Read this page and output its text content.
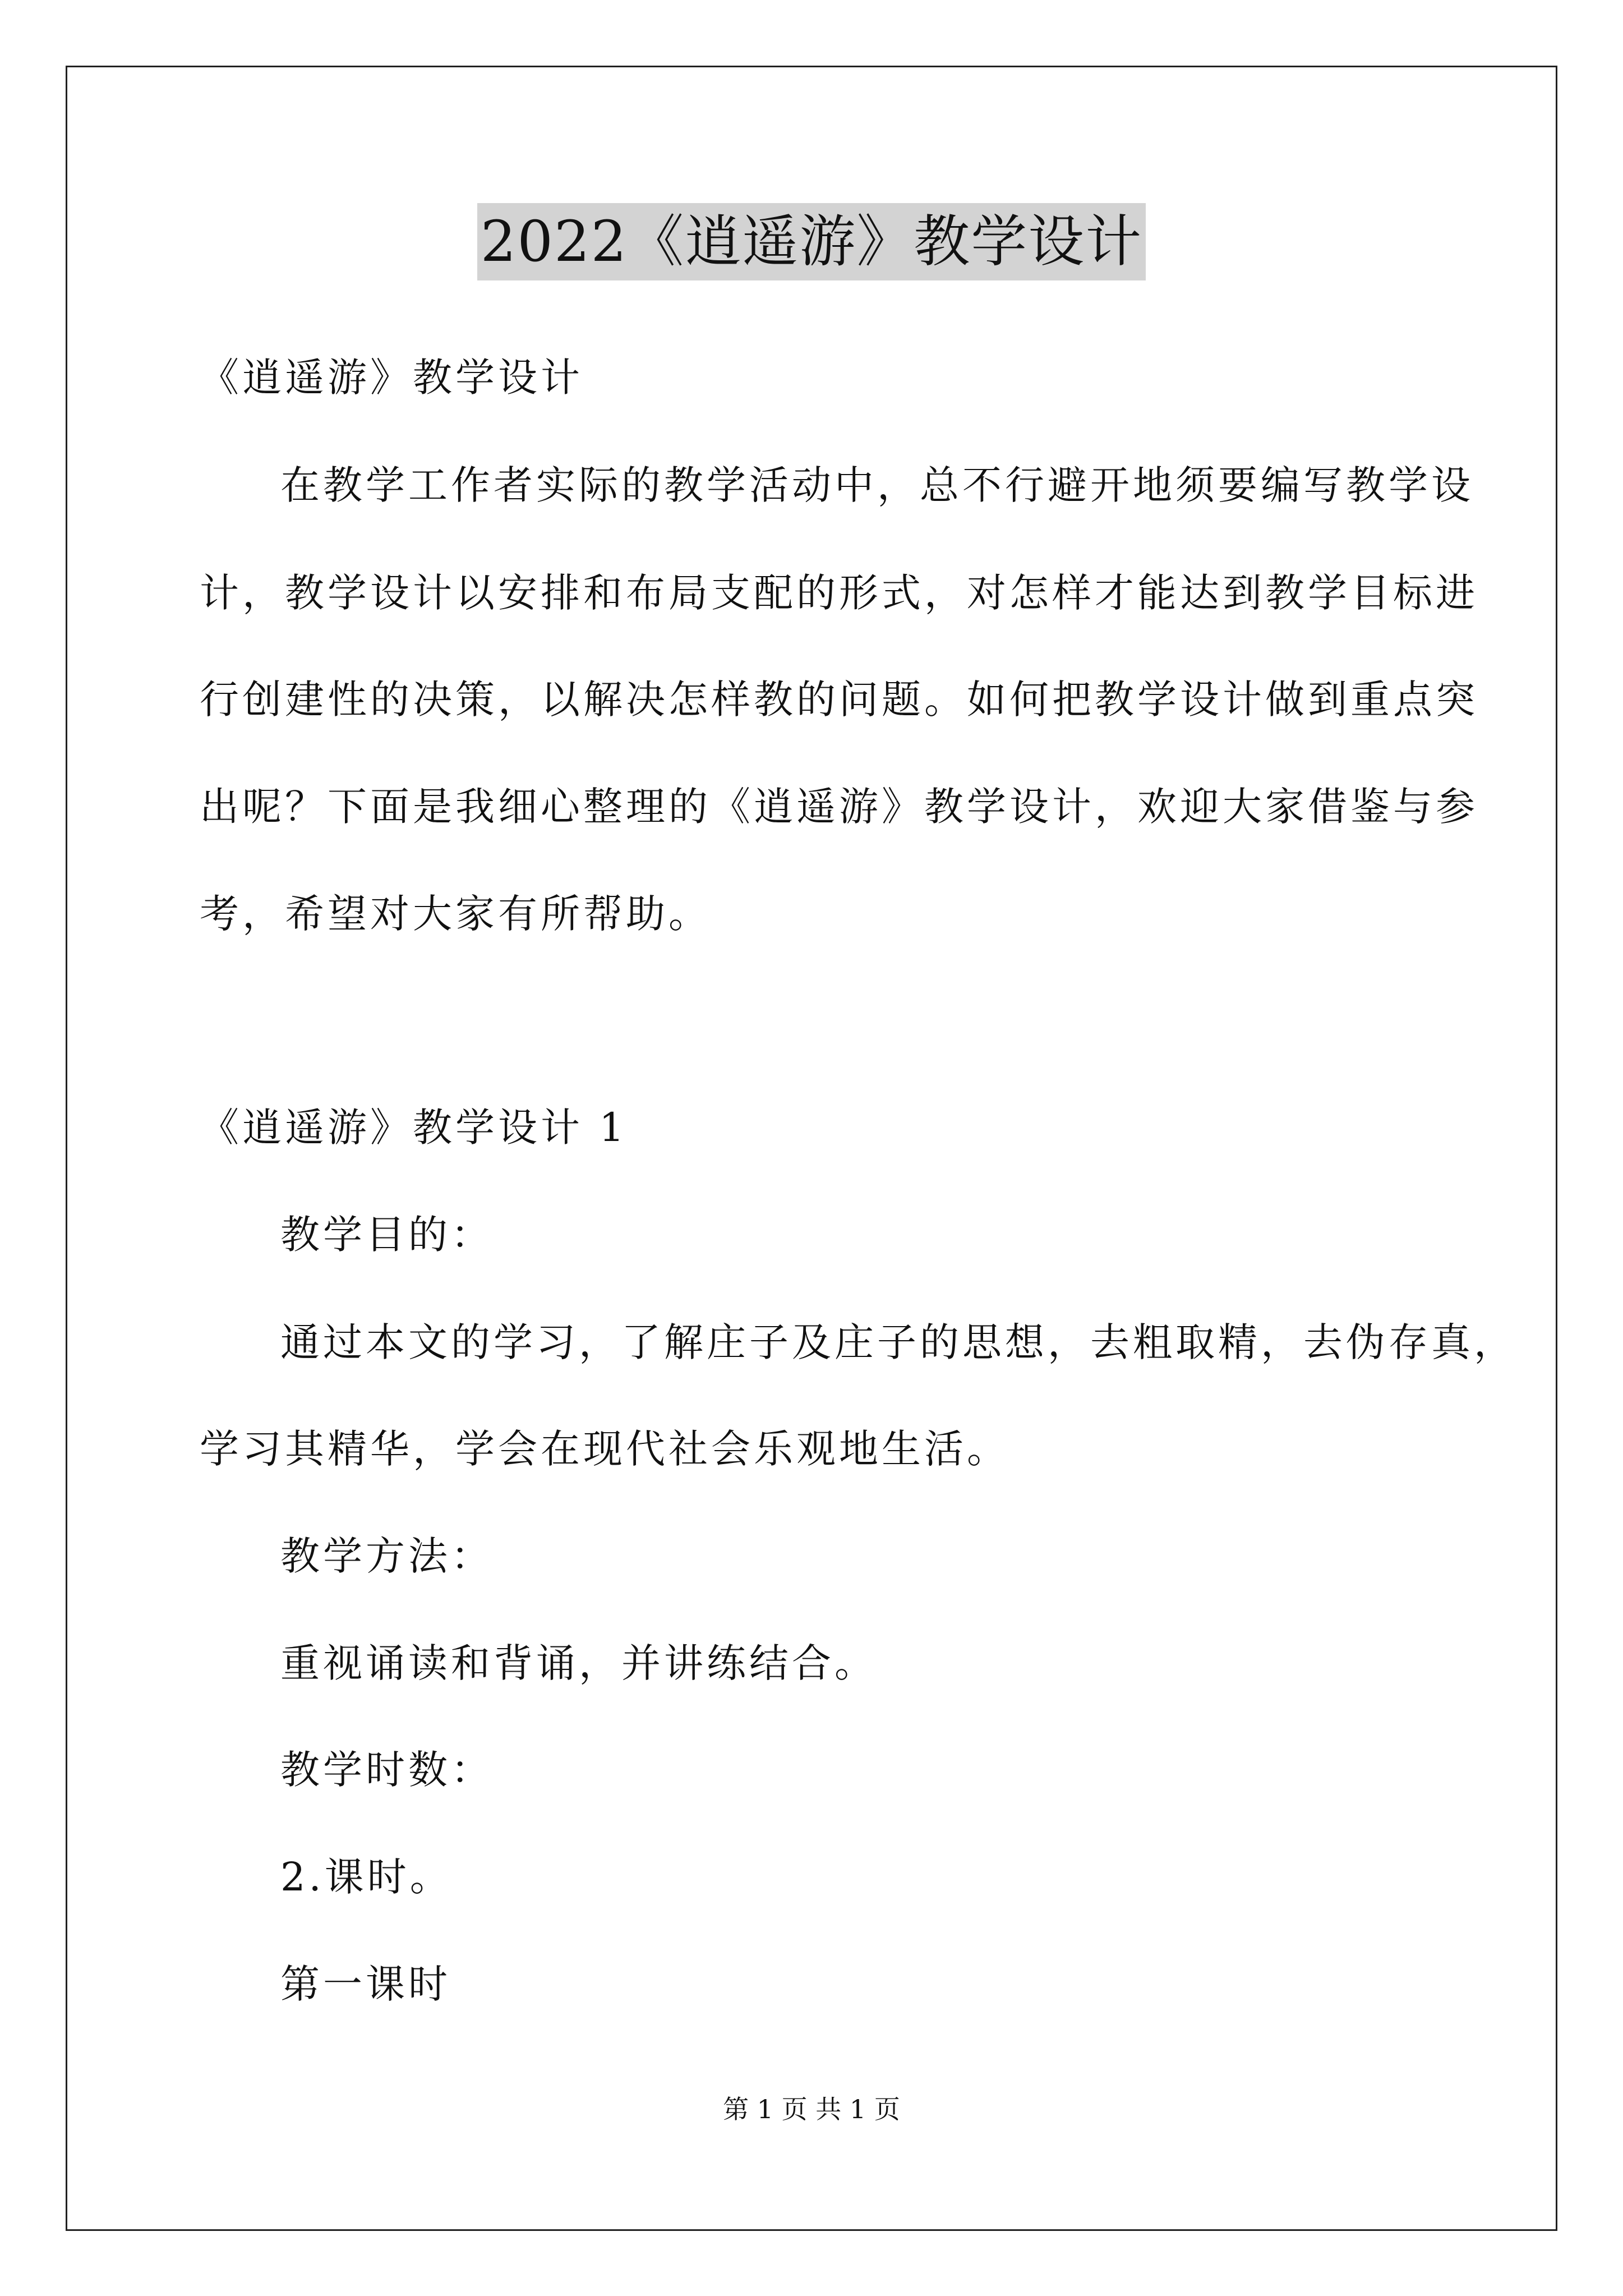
2022《逍遥游》教学设计

《逍遥游》教学设计

在教学工作者实际的教学活动中，总不行避开地须要编写教学设

计，教学设计以安排和布局支配的形式，对怎样才能达到教学目标进

行创建性的决策，以解决怎样教的问题。如何把教学设计做到重点突

出呢？下面是我细心整理的《逍遥游》教学设计，欢迎大家借鉴与参

考，希望对大家有所帮助。

《逍遥游》教学设计 1

教学目的：

通过本文的学习，了解庄子及庄子的思想，去粗取精，去伪存真，

学习其精华，学会在现代社会乐观地生活。

教学方法：

重视诵读和背诵，并讲练结合。

教学时数：

2.课时。

第一课时

第 1 页 共 1 页
